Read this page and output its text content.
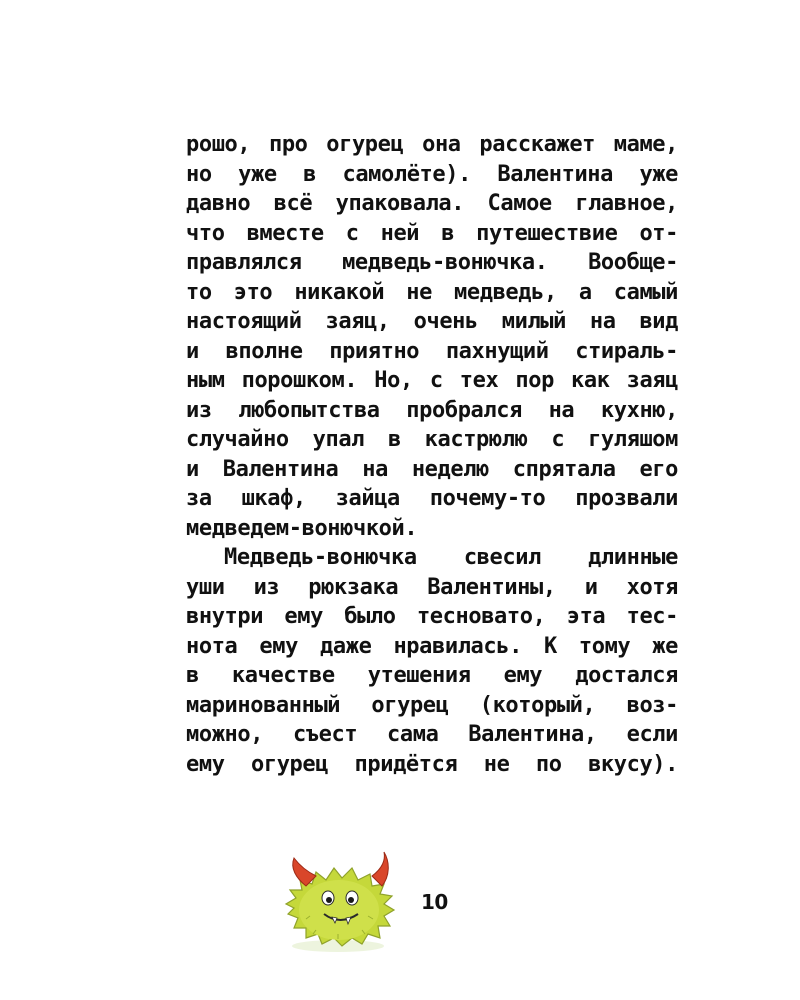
рошо, про огурец она расскажет маме,
но уже в самолёте). Валентина уже
давно всё упаковала. Самое главное,
что вместе с ней в путешествие от-
правлялся медведь-вонючка. Вообще-
то это никакой не медведь, а самый
настоящий заяц, очень милый на вид
и вполне приятно пахнущий стираль-
ным порошком. Но, с тех пор как заяц
из любопытства пробрался на кухню,
случайно упал в кастрюлю с гуляшом
и Валентина на неделю спрятала его
за шкаф, зайца почему-то прозвали
медведем-вонючкой.
Медведь-вонючка свесил длинные
уши из рюкзака Валентины, и хотя
внутри ему было тесновато, эта тес-
нота ему даже нравилась. К тому же
в качестве утешения ему достался
маринованный огурец (который, воз-
можно, съест сама Валентина, если
ему огурец придётся не по вкусу).
10
